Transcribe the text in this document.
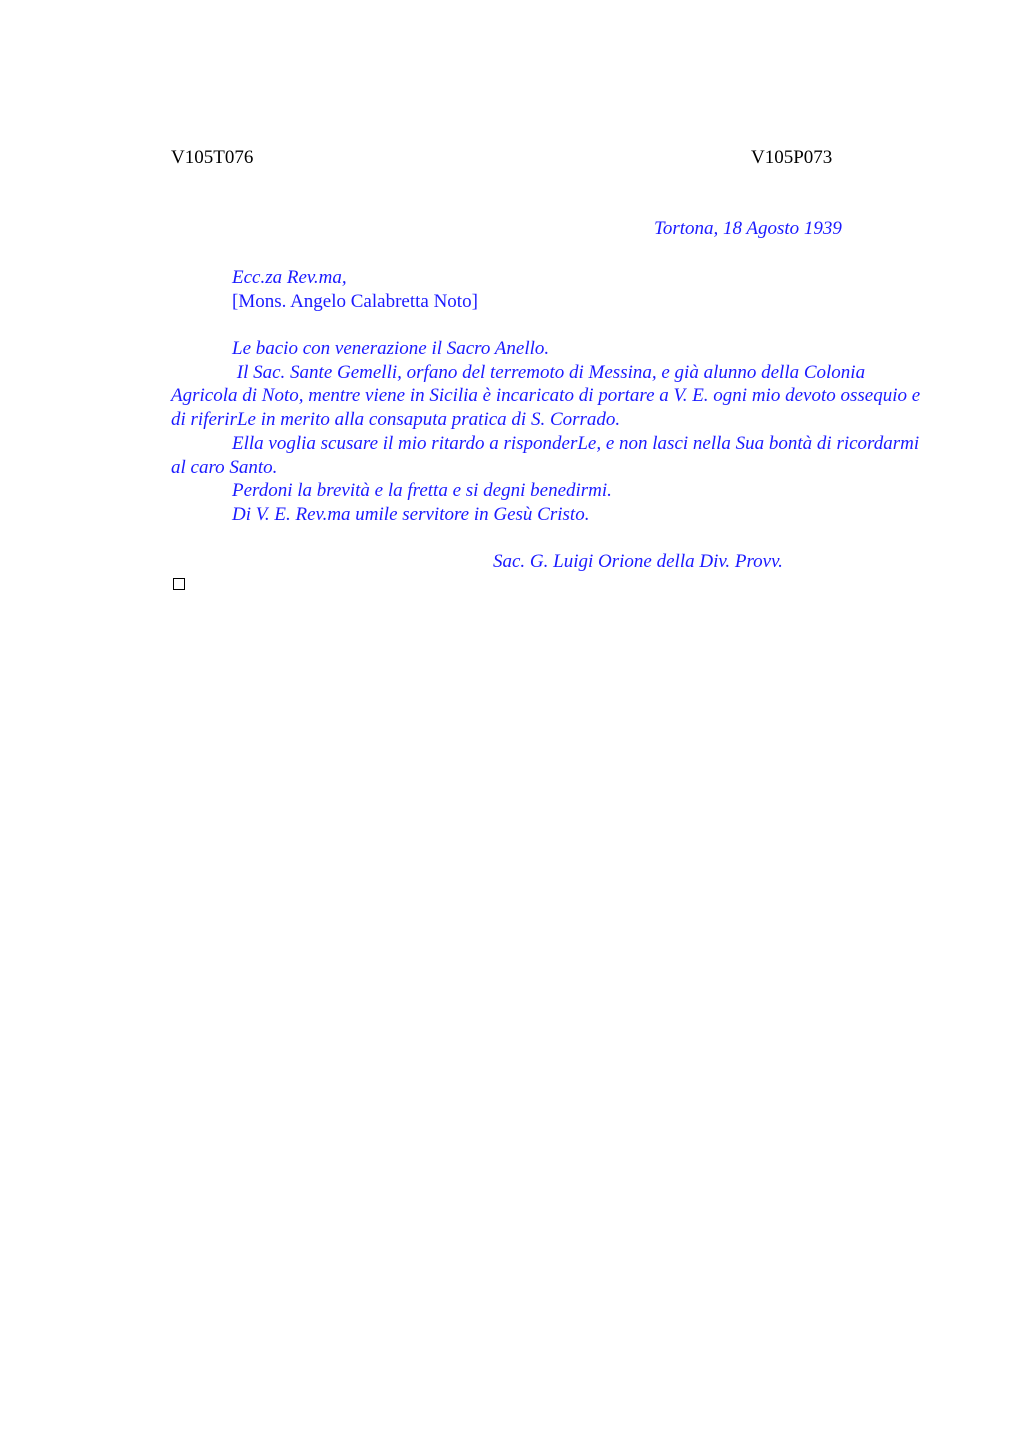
V105T076	V105P073
Tortona, 18 Agosto 1939
Ecc.za Rev.ma,
[Mons. Angelo Calabretta Noto]

Le bacio con venerazione il Sacro Anello.

Il Sac. Sante Gemelli, orfano del terremoto di Messina, e già alunno della Colonia Agricola di Noto, mentre viene in Sicilia è incaricato di portare a V. E. ogni mio devoto ossequio e di riferirLe in merito alla consaputa pratica di S. Corrado.

Ella voglia scusare il mio ritardo a risponderLe, e non lasci nella Sua bontà di ricordarmi al caro Santo.

Perdoni la brevità e la fretta e si degni benedirmi.

Di V. E. Rev.ma umile servitore in Gesù Cristo.

Sac. G. Luigi Orione della Div. Provv.
